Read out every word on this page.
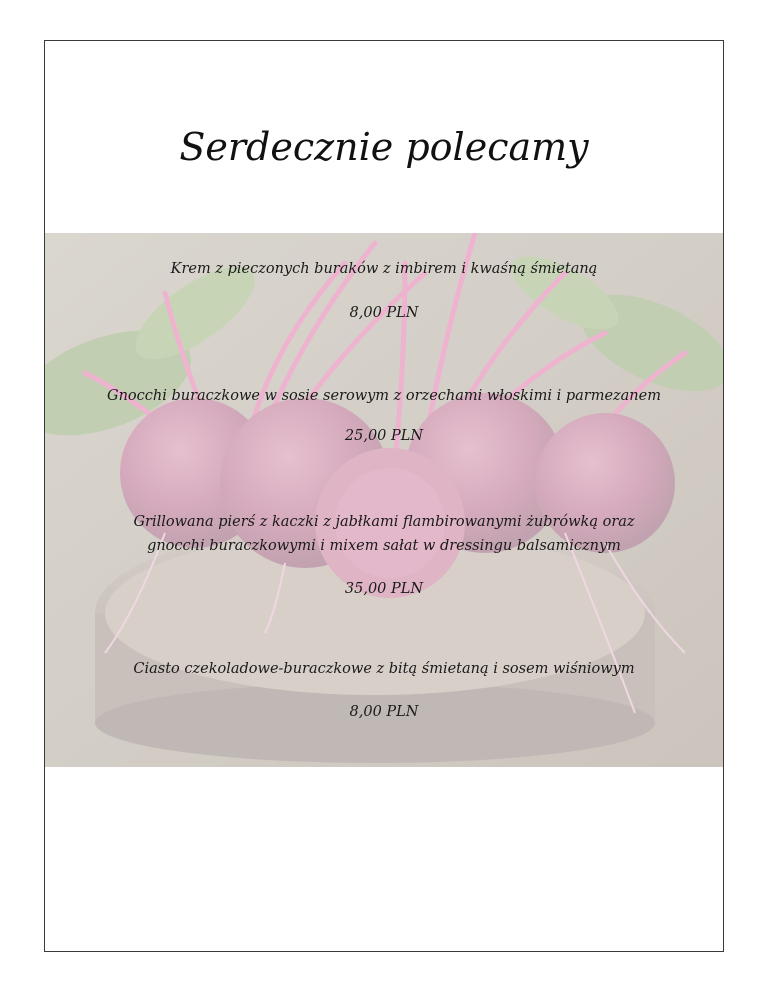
Serdecznie polecamy
Krem z pieczonych buraków z imbirem i kwaśną śmietaną
8,00 PLN
Gnocchi buraczkowe w sosie serowym z orzechami włoskimi i parmezanem
25,00 PLN
Grillowana pierś z kaczki z jabłkami flambirowanymi żubrówką oraz
gnocchi buraczkowymi i mixem sałat w dressingu balsamicznym
35,00 PLN
Ciasto czekoladowe-buraczkowe z bitą śmietaną i sosem wiśniowym
8,00 PLN
